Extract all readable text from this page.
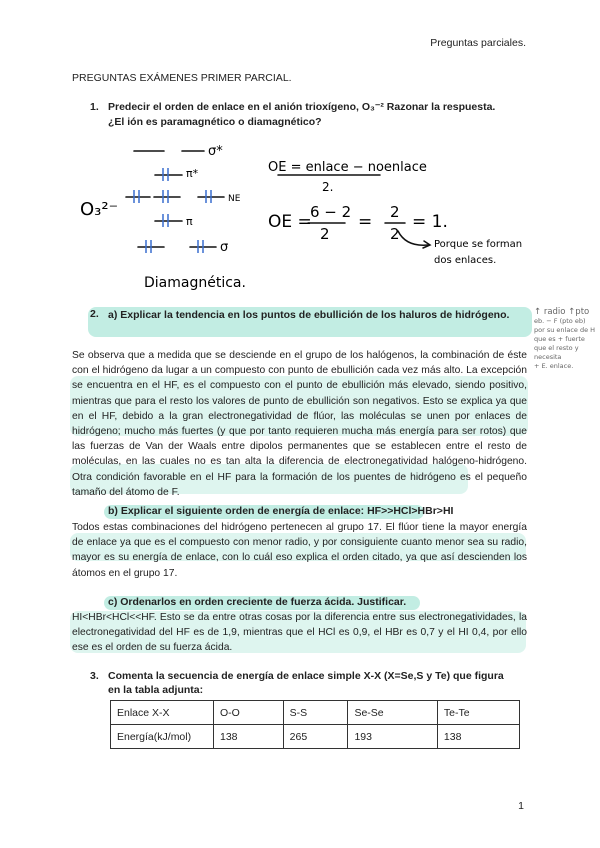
Preguntas parciales.
PREGUNTAS EXÁMENES PRIMER PARCIAL.
1. Predecir el orden de enlace en el anión trioxígeno, O₃⁻² Razonar la respuesta.
¿El ión es paramagnético o diamagnético?
σ*
π*
NE
π
σ
O₃²⁻
OE = enlace − noenlace
2.
OE =
6 − 2
2
= 2
2
= 1.
Porque se forman
dos enlaces.
Diamagnética.
2. a) Explicar la tendencia en los puntos de ebullición de los haluros de hidrógeno.	↑ radio ↑pto
eb. − F (pto eb)
por su enlace de H
que es + fuerte
que el resto y necesita
+ E. enlace.
Se observa que a medida que se desciende en el grupo de los halógenos, la combinación de éste con el hidrógeno da lugar a un compuesto con punto de ebullición cada vez más alto. La excepción se encuentra en el HF, es el compuesto con el punto de ebullición más elevado, siendo positivo, mientras que para el resto los valores de punto de ebullición son negativos. Esto se explica ya que en el HF, debido a la gran electronegatividad de flúor, las moléculas se unen por enlaces de hidrógeno; mucho más fuertes (y que por tanto requieren mucha más energía para ser rotos) que las fuerzas de Van der Waals entre dipolos permanentes que se establecen entre el resto de moléculas, en las cuales no es tan alta la diferencia de electronegatividad halógeno-hidrógeno. Otra condición favorable en el HF para la formación de los puentes de hidrógeno es el pequeño tamaño del átomo de F.
b) Explicar el siguiente orden de energía de enlace: HF>>HCl>HBr>HI
Todos estas combinaciones del hidrógeno pertenecen al grupo 17. El flúor tiene la mayor energía de enlace ya que es el compuesto con menor radio, y por consiguiente cuanto menor sea su radio, mayor es su energía de enlace, con lo cuál eso explica el orden citado, ya que así descienden los átomos en el grupo 17.
c) Ordenarlos en orden creciente de fuerza ácida. Justificar.
HI<HBr<HCl<<HF. Esto se da entre otras cosas por la diferencia entre sus electronegatividades, la electronegatividad del HF es de 1,9, mientras que el HCl es 0,9, el HBr es 0,7 y el HI 0,4, por ello ese es el orden de su fuerza ácida.
3. Comenta la secuencia de energía de enlace simple X-X (X=Se,S y Te) que figura
en la tabla adjunta:
Enlace X-X	O-O	S-S	Se-Se	Te-Te
Energía(kJ/mol)	138	265	193	138
1
